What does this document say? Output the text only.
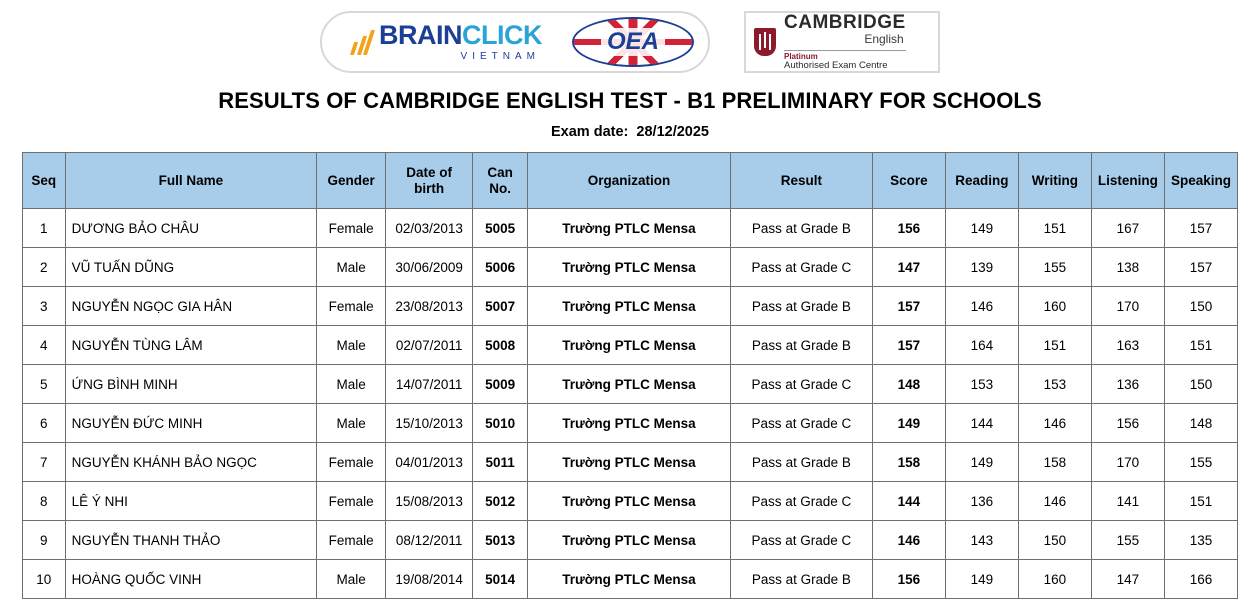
BRAINCLICK
VIETNAM
OEA
CAMBRIDGE
English
Platinum
Authorised Exam Centre
RESULTS OF CAMBRIDGE ENGLISH TEST - B1 PRELIMINARY FOR SCHOOLS
Exam date: 28/12/2025
Seq	Full Name	Gender	Date of birth	Can No.	Organization	Result	Score	Reading	Writing	Listening	Speaking
1	DƯƠNG BẢO CHÂU	Female	02/03/2013	5005	Trường PTLC Mensa	Pass at Grade B	156	149	151	167	157
2	VŨ TUẤN DŨNG	Male	30/06/2009	5006	Trường PTLC Mensa	Pass at Grade C	147	139	155	138	157
3	NGUYỄN NGỌC GIA HÂN	Female	23/08/2013	5007	Trường PTLC Mensa	Pass at Grade B	157	146	160	170	150
4	NGUYỄN TÙNG LÂM	Male	02/07/2011	5008	Trường PTLC Mensa	Pass at Grade B	157	164	151	163	151
5	ỨNG BÌNH MINH	Male	14/07/2011	5009	Trường PTLC Mensa	Pass at Grade C	148	153	153	136	150
6	NGUYỄN ĐỨC MINH	Male	15/10/2013	5010	Trường PTLC Mensa	Pass at Grade C	149	144	146	156	148
7	NGUYỄN KHÁNH BẢO NGỌC	Female	04/01/2013	5011	Trường PTLC Mensa	Pass at Grade B	158	149	158	170	155
8	LÊ Ý NHI	Female	15/08/2013	5012	Trường PTLC Mensa	Pass at Grade C	144	136	146	141	151
9	NGUYỄN THANH THẢO	Female	08/12/2011	5013	Trường PTLC Mensa	Pass at Grade C	146	143	150	155	135
10	HOÀNG QUỐC VINH	Male	19/08/2014	5014	Trường PTLC Mensa	Pass at Grade B	156	149	160	147	166
